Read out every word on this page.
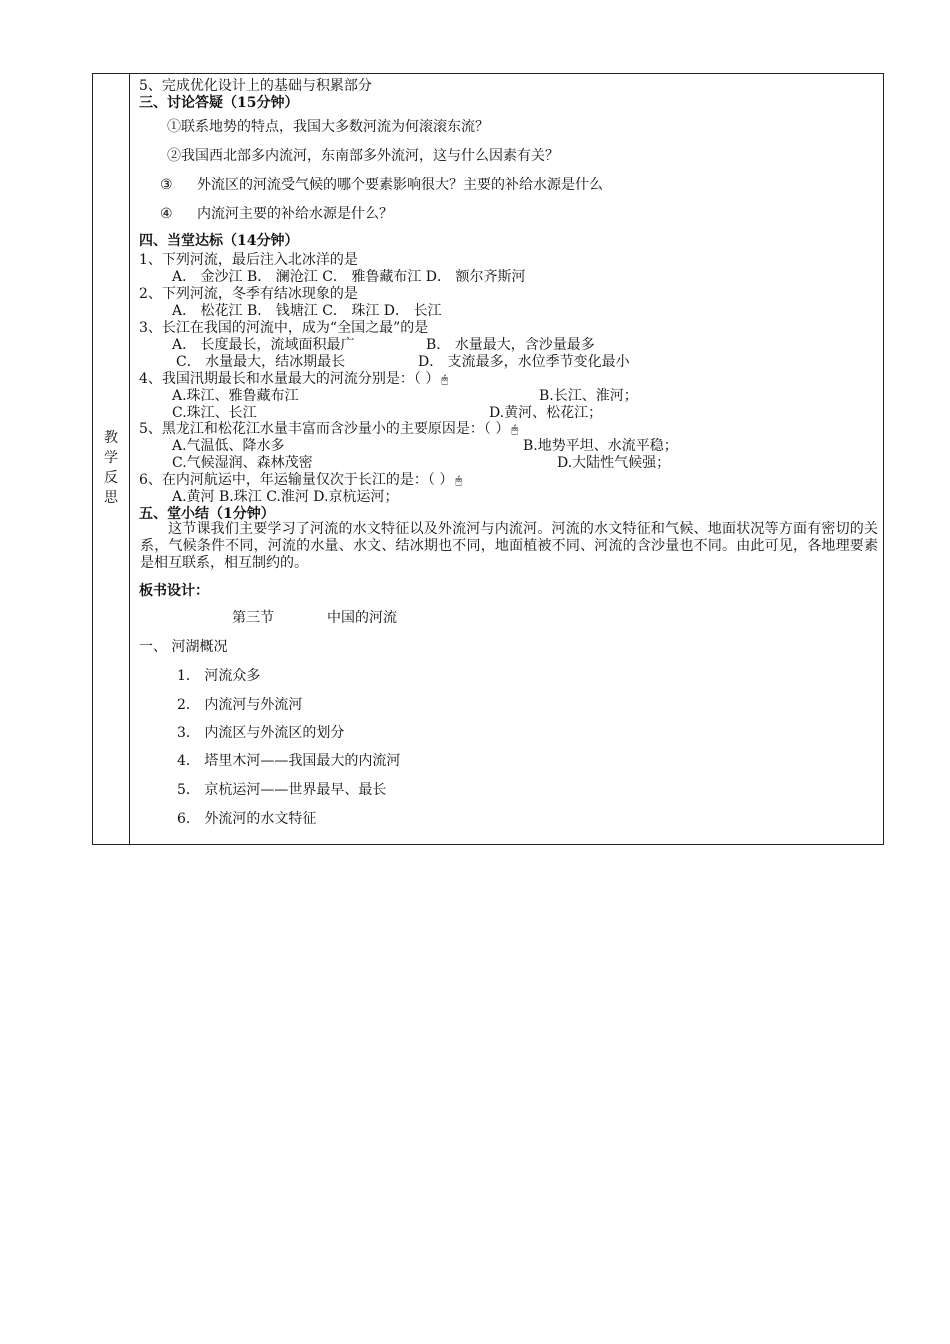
教学反思
5、完成优化设计上的基础与积累部分
三、讨论答疑（15分钟）
①联系地势的特点，我国大多数河流为何滚滚东流？
②我国西北部多内流河，东南部多外流河，这与什么因素有关？
③ 外流区的河流受气候的哪个要素影响很大？主要的补给水源是什么
④ 内流河主要的补给水源是什么？
四、当堂达标（14分钟）
1、下列河流，最后注入北冰洋的是
A． 金沙江 B． 澜沧江 C． 雅鲁藏布江 D． 额尔齐斯河
2、下列河流，冬季有结冰现象的是
A． 松花江 B． 钱塘江 C． 珠江 D． 长江
3、长江在我国的河流中，成为“全国之最”的是
A． 长度最长，流域面积最广	B． 水量最大，含沙量最多
C． 水量最大，结冰期最长	D． 支流最多，水位季节变化最小
4、我国汛期最长和水量最大的河流分别是：（ ） 🖱
A.珠江、雅鲁藏布江	B.长江、淮河；
C.珠江、长江	D.黄河、松花江；
5、黑龙江和松花江水量丰富而含沙量小的主要原因是：（ ） 🖱
A.气温低、降水多	B.地势平坦、水流平稳；
C.气候湿润、森林茂密	D.大陆性气候强；
6、在内河航运中，年运输量仅次于长江的是：（ ） 🖱
A.黄河 B.珠江 C.淮河 D.京杭运河；
五、堂小结（1分钟）
这节课我们主要学习了河流的水文特征以及外流河与内流河。河流的水文特征和气候、地面状况等方面有密切的关系，气候条件不同，河流的水量、水文、结冰期也不同，地面植被不同、河流的含沙量也不同。由此可见，各地理要素是相互联系，相互制约的。
板书设计：
第三节	中国的河流
一、 河湖概况
1． 河流众多
2． 内流河与外流河
3． 内流区与外流区的划分
4． 塔里木河——我国最大的内流河
5． 京杭运河——世界最早、最长
6． 外流河的水文特征
